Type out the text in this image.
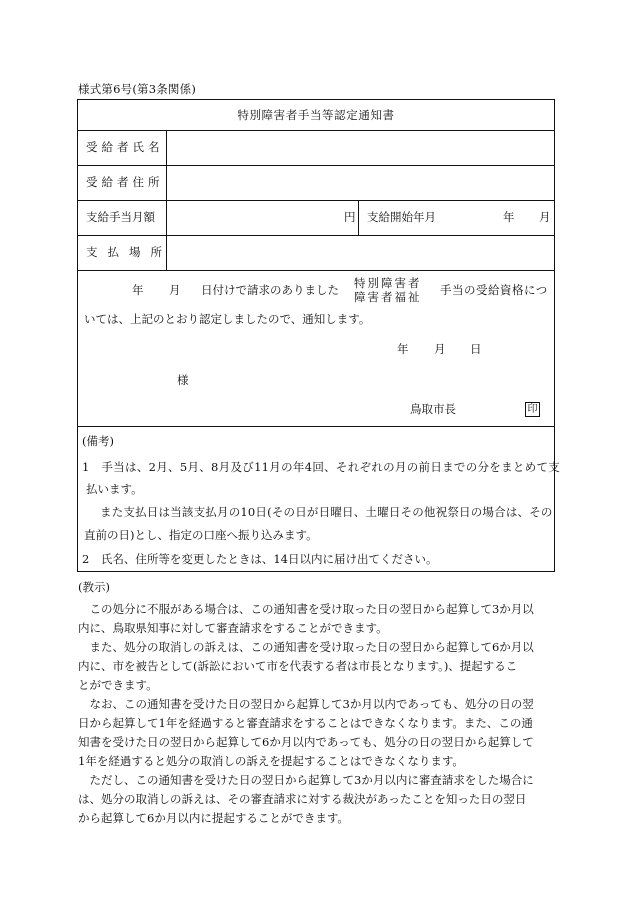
様式第6号(第3条関係)
特別障害者手当等認定通知書
受給者氏名
受給者住所
支給手当月額	円 支給開始年月	年 月
支払場所
年 月 日付けで請求のありました 特別障害者
障害者福祉 手当の受給資格につ
いては、上記のとおり認定しましたので、通知します。
年 月 日
様
鳥取市長	印
(備考)
1　手当は、2月、5月、8月及び11月の年4回、それぞれの月の前日までの分をまとめて支
払います。
また支払日は当該支払月の10日(その日が日曜日、土曜日その他祝祭日の場合は、その
直前の日)とし、指定の口座へ振り込みます。
2　氏名、住所等を変更したときは、14日以内に届け出てください。
(教示)
　この処分に不服がある場合は、この通知書を受け取った日の翌日から起算して3か月以
内に、鳥取県知事に対して審査請求をすることができます。
　また、処分の取消しの訴えは、この通知書を受け取った日の翌日から起算して6か月以
内に、市を被告として(訴訟において市を代表する者は市長となります。)、提起するこ
とができます。
　なお、この通知書を受けた日の翌日から起算して3か月以内であっても、処分の日の翌
日から起算して1年を経過すると審査請求をすることはできなくなります。また、この通
知書を受けた日の翌日から起算して6か月以内であっても、処分の日の翌日から起算して
1年を経過すると処分の取消しの訴えを提起することはできなくなります。
　ただし、この通知書を受けた日の翌日から起算して3か月以内に審査請求をした場合に
は、処分の取消しの訴えは、その審査請求に対する裁決があったことを知った日の翌日
から起算して6か月以内に提起することができます。
